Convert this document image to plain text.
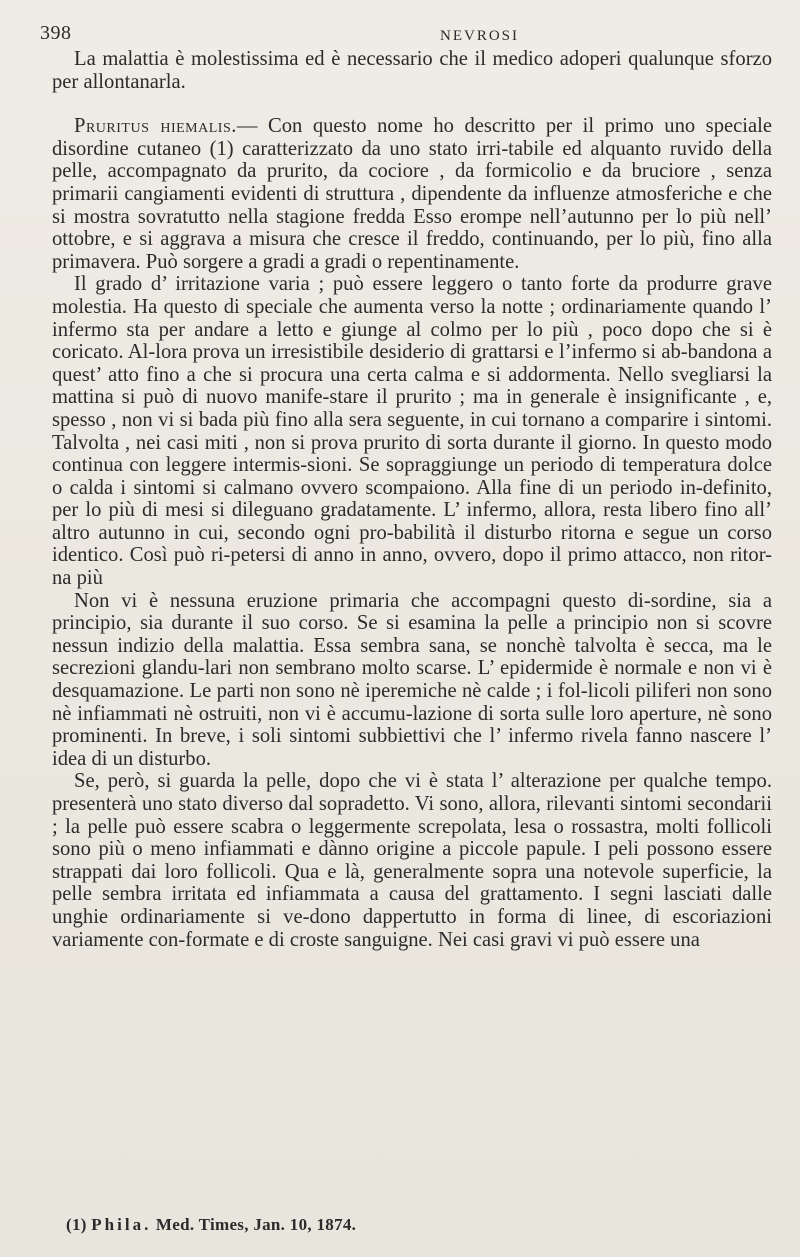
398	NEVROSI

La malattia è molestissima ed è necessario che il medico adoperi qualunque sforzo per allontanarla.

Pruritus hiemalis.— Con questo nome ho descritto per il primo uno speciale disordine cutaneo (1) caratterizzato da uno stato irri-tabile ed alquanto ruvido della pelle, accompagnato da prurito, da cociore , da formicolio e da bruciore , senza primarii cangiamenti evidenti di struttura , dipendente da influenze atmosferiche e che si mostra sovratutto nella stagione fredda Esso erompe nell’autunno per lo più nell’ ottobre, e si aggrava a misura che cresce il freddo, continuando, per lo più, fino alla primavera. Può sorgere a gradi a gradi o repentinamente.

Il grado d’ irritazione varia ; può essere leggero o tanto forte da produrre grave molestia. Ha questo di speciale che aumenta verso la notte ; ordinariamente quando l’ infermo sta per andare a letto e giunge al colmo per lo più , poco dopo che si è coricato. Al-lora prova un irresistibile desiderio di grattarsi e l’infermo si ab-bandona a quest’ atto fino a che si procura una certa calma e si addormenta. Nello svegliarsi la mattina si può di nuovo manife-stare il prurito ; ma in generale è insignificante , e, spesso , non vi si bada più fino alla sera seguente, in cui tornano a comparire i sintomi. Talvolta , nei casi miti , non si prova prurito di sorta durante il giorno. In questo modo continua con leggere intermis-sioni. Se sopraggiunge un periodo di temperatura dolce o calda i sintomi si calmano ovvero scompaiono. Alla fine di un periodo in-definito, per lo più di mesi si dileguano gradatamente. L’ infermo, allora, resta libero fino all’ altro autunno in cui, secondo ogni pro-babilità il disturbo ritorna e segue un corso identico. Così può ri-petersi di anno in anno, ovvero, dopo il primo attacco, non ritor-na più

Non vi è nessuna eruzione primaria che accompagni questo di-sordine, sia a principio, sia durante il suo corso. Se si esamina la pelle a principio non si scovre nessun indizio della malattia. Essa sembra sana, se nonchè talvolta è secca, ma le secrezioni glandu-lari non sembrano molto scarse. L’ epidermide è normale e non vi è desquamazione. Le parti non sono nè iperemiche nè calde ; i fol-licoli piliferi non sono nè infiammati nè ostruiti, non vi è accumu-lazione di sorta sulle loro aperture, nè sono prominenti. In breve, i soli sintomi subbiettivi che l’ infermo rivela fanno nascere l’ idea di un disturbo.

Se, però, si guarda la pelle, dopo che vi è stata l’ alterazione per qualche tempo. presenterà uno stato diverso dal sopradetto. Vi sono, allora, rilevanti sintomi secondarii ; la pelle può essere scabra o leggermente screpolata, lesa o rossastra, molti follicoli sono più o meno infiammati e dànno origine a piccole papule. I peli possono essere strappati dai loro follicoli. Qua e là, generalmente sopra una notevole superficie, la pelle sembra irritata ed infiammata a causa del grattamento. I segni lasciati dalle unghie ordinariamente si ve-dono dappertutto in forma di linee, di escoriazioni variamente con-formate e di croste sanguigne. Nei casi gravi vi può essere una

(1) Phila. Med. Times, Jan. 10, 1874.
